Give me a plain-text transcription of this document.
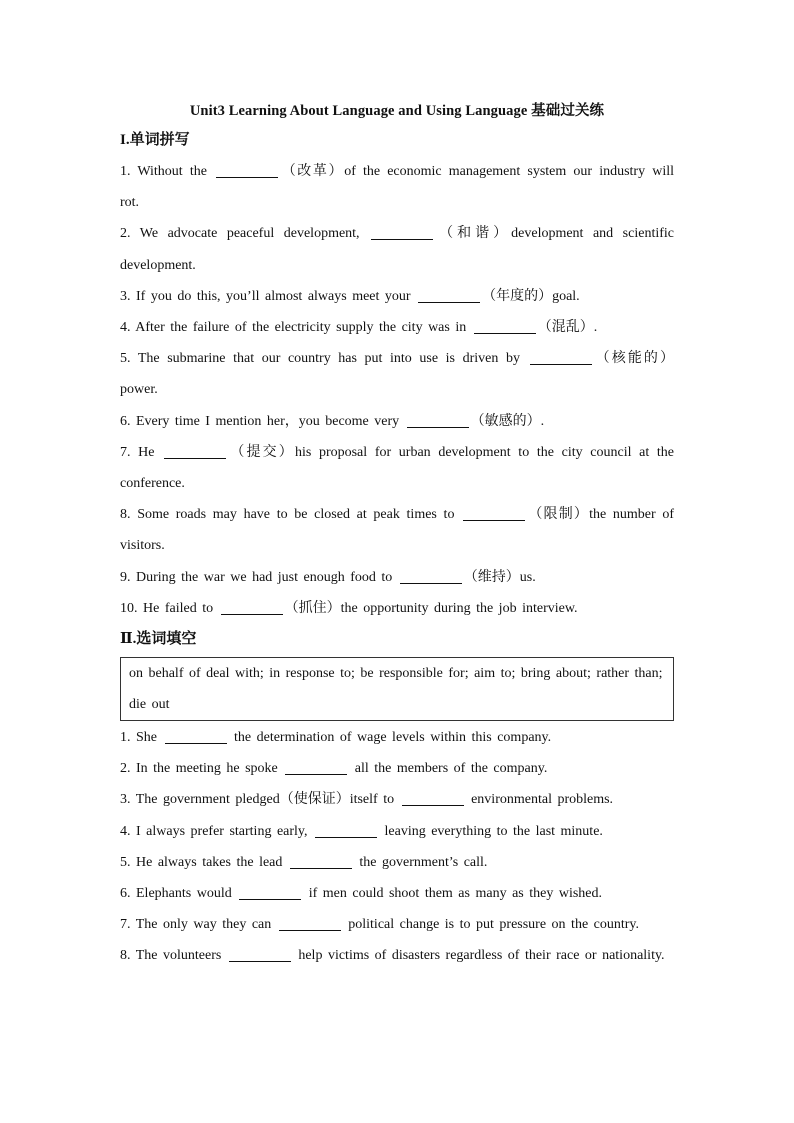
Unit3 Learning About Language and Using Language 基础过关练
I.单词拼写
1. Without the	（改革）of the economic management system our industry will rot.
2. We advocate peaceful development,	（和谐）development and scientific development.
3. If you do this, you’ll almost always meet your	（年度的）goal.
4. After the failure of the electricity supply the city was in	（混乱）.
5. The submarine that our country has put into use is driven by	（核能的）power.
6. Every time I mention her，you become very	（敏感的）.
7. He	（提交）his proposal for urban development to the city council at the conference.
8. Some roads may have to be closed at peak times to	（限制）the number of visitors.
9. During the war we had just enough food to	（维持）us.
10. He failed to	（抓住）the opportunity during the job interview.
Ⅱ.选词填空
on behalf of deal with; in response to; be responsible for; aim to; bring about; rather than; die out
1. She	the determination of wage levels within this company.
2. In the meeting he spoke	all the members of the company.
3. The government pledged（使保证）itself to	environmental problems.
4. I always prefer starting early,	leaving everything to the last minute.
5. He always takes the lead	the government’s call.
6. Elephants would	if men could shoot them as many as they wished.
7. The only way they can	political change is to put pressure on the country.
8. The volunteers	help victims of disasters regardless of their race or nationality.
